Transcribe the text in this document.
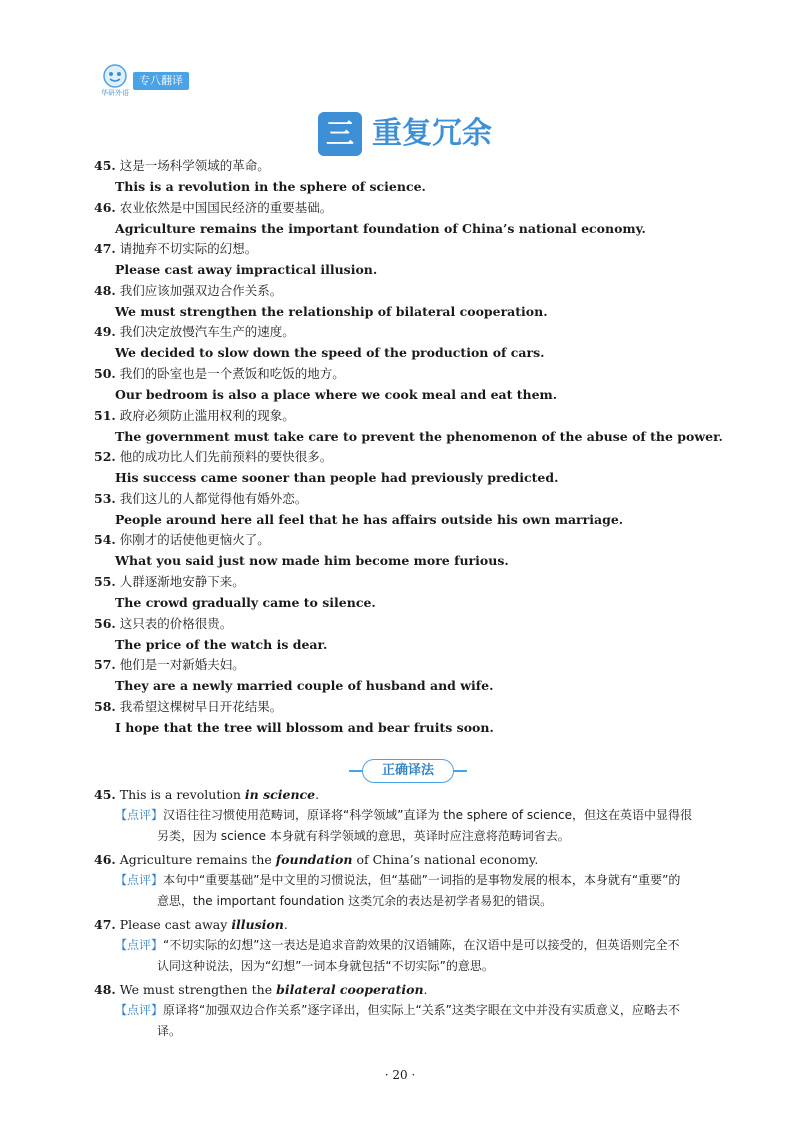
华研外语
专八翻译
三 重复冗余
45. 这是一场科学领域的革命。
This is a revolution in the sphere of science.
46. 农业依然是中国国民经济的重要基础。
Agriculture remains the important foundation of China’s national economy.
47. 请抛弃不切实际的幻想。
Please cast away impractical illusion.
48. 我们应该加强双边合作关系。
We must strengthen the relationship of bilateral cooperation.
49. 我们决定放慢汽车生产的速度。
We decided to slow down the speed of the production of cars.
50. 我们的卧室也是一个煮饭和吃饭的地方。
Our bedroom is also a place where we cook meal and eat them.
51. 政府必须防止滥用权利的现象。
The government must take care to prevent the phenomenon of the abuse of the power.
52. 他的成功比人们先前预料的要快很多。
His success came sooner than people had previously predicted.
53. 我们这儿的人都觉得他有婚外恋。
People around here all feel that he has affairs outside his own marriage.
54. 你刚才的话使他更恼火了。
What you said just now made him become more furious.
55. 人群逐渐地安静下来。
The crowd gradually came to silence.
56. 这只表的价格很贵。
The price of the watch is dear.
57. 他们是一对新婚夫妇。
They are a newly married couple of husband and wife.
58. 我希望这棵树早日开花结果。
I hope that the tree will blossom and bear fruits soon.
正确译法
45. This is a revolution in science.
【点评】汉语往往习惯使用范畴词，原译将“科学领域”直译为 the sphere of science，但这在英语中显得很
另类，因为 science 本身就有科学领域的意思，英译时应注意将范畴词省去。
46. Agriculture remains the foundation of China’s national economy.
【点评】本句中“重要基础”是中文里的习惯说法，但“基础”一词指的是事物发展的根本，本身就有“重要”的
意思，the important foundation 这类冗余的表达是初学者易犯的错误。
47. Please cast away illusion.
【点评】“不切实际的幻想”这一表达是追求音韵效果的汉语铺陈，在汉语中是可以接受的，但英语则完全不
认同这种说法，因为“幻想”一词本身就包括“不切实际”的意思。
48. We must strengthen the bilateral cooperation.
【点评】原译将“加强双边合作关系”逐字译出，但实际上“关系”这类字眼在文中并没有实质意义，应略去不
译。
· 20 ·
